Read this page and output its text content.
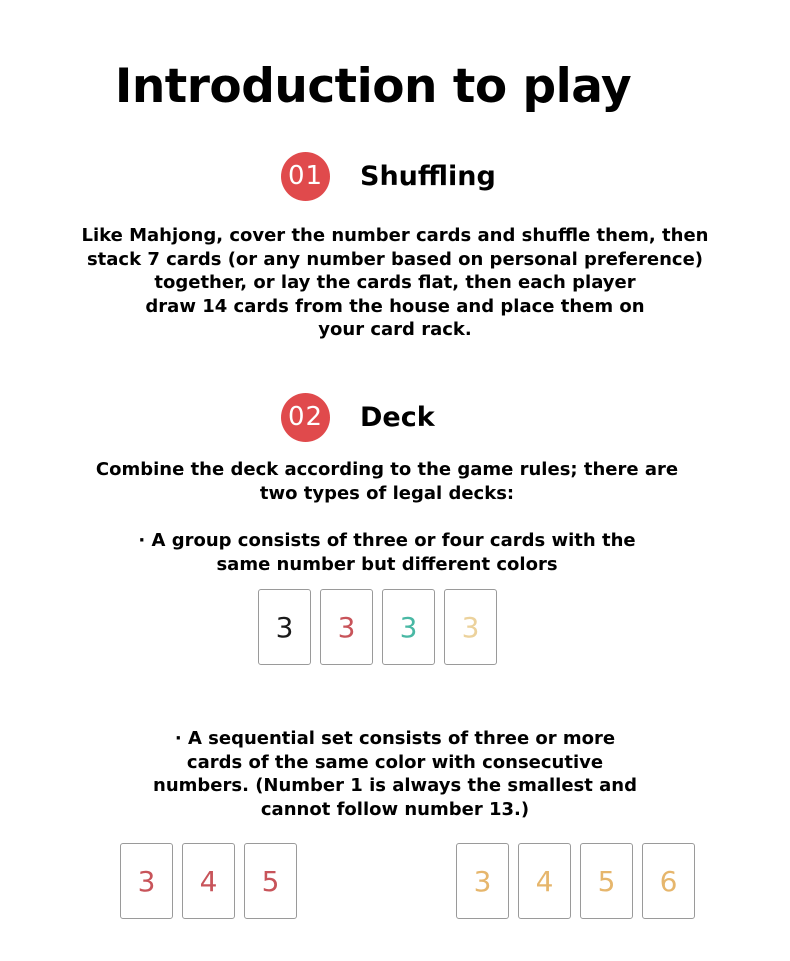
Introduction to play
01 Shuffling
Like Mahjong, cover the number cards and shuffle them, then
stack 7 cards (or any number based on personal preference)
together, or lay the cards flat, then each player
draw 14 cards from the house and place them on
your card rack.
02 Deck
Combine the deck according to the game rules; there are
two types of legal decks:
· A group consists of three or four cards with the
same number but different colors
3 3 3 3
· A sequential set consists of three or more
cards of the same color with consecutive
numbers. (Number 1 is always the smallest and
cannot follow number 13.)
3 4 5	3 4 5 6
